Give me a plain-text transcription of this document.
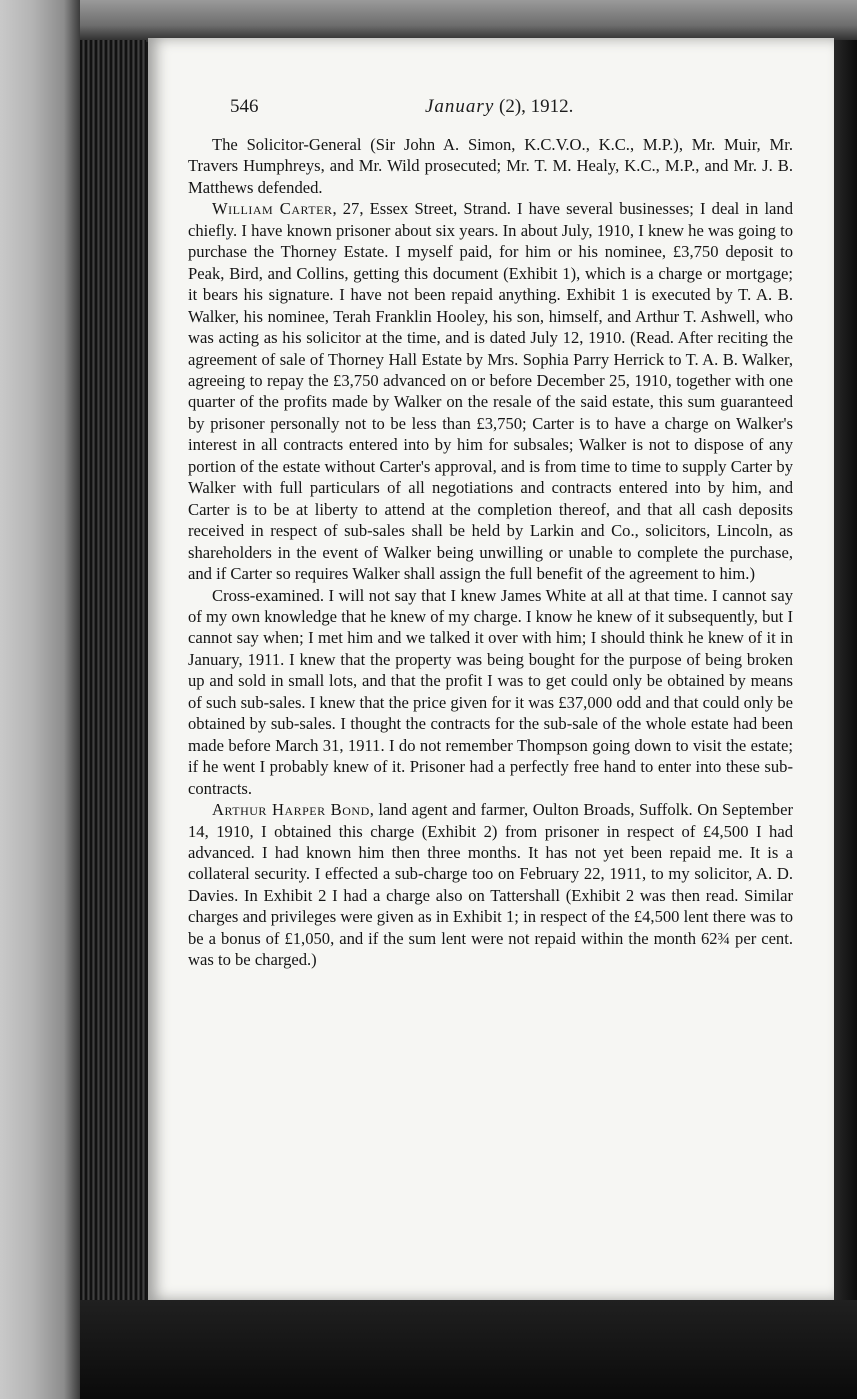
546	January (2), 1912.

The Solicitor-General (Sir John A. Simon, K.C.V.O., K.C., M.P.), Mr. Muir, Mr. Travers Humphreys, and Mr. Wild prosecuted; Mr. T. M. Healy, K.C., M.P., and Mr. J. B. Matthews defended.

William Carter, 27, Essex Street, Strand. I have several businesses; I deal in land chiefly. I have known prisoner about six years. In about July, 1910, I knew he was going to purchase the Thorney Estate. I myself paid, for him or his nominee, £3,750 deposit to Peak, Bird, and Collins, getting this document (Exhibit 1), which is a charge or mortgage; it bears his signature. I have not been repaid anything. Exhibit 1 is executed by T. A. B. Walker, his nominee, Terah Franklin Hooley, his son, himself, and Arthur T. Ashwell, who was acting as his solicitor at the time, and is dated July 12, 1910. (Read. After reciting the agreement of sale of Thorney Hall Estate by Mrs. Sophia Parry Herrick to T. A. B. Walker, agreeing to repay the £3,750 advanced on or before December 25, 1910, together with one quarter of the profits made by Walker on the resale of the said estate, this sum guaranteed by prisoner personally not to be less than £3,750; Carter is to have a charge on Walker's interest in all contracts entered into by him for subsales; Walker is not to dispose of any portion of the estate without Carter's approval, and is from time to time to supply Carter by Walker with full particulars of all negotiations and contracts entered into by him, and Carter is to be at liberty to attend at the completion thereof, and that all cash deposits received in respect of sub-sales shall be held by Larkin and Co., solicitors, Lincoln, as shareholders in the event of Walker being unwilling or unable to complete the purchase, and if Carter so requires Walker shall assign the full benefit of the agreement to him.)

Cross-examined. I will not say that I knew James White at all at that time. I cannot say of my own knowledge that he knew of my charge. I know he knew of it subsequently, but I cannot say when; I met him and we talked it over with him; I should think he knew of it in January, 1911. I knew that the property was being bought for the purpose of being broken up and sold in small lots, and that the profit I was to get could only be obtained by means of such sub-sales. I knew that the price given for it was £37,000 odd and that could only be obtained by sub-sales. I thought the contracts for the sub-sale of the whole estate had been made before March 31, 1911. I do not remember Thompson going down to visit the estate; if he went I probably knew of it. Prisoner had a perfectly free hand to enter into these sub-contracts.

Arthur Harper Bond, land agent and farmer, Oulton Broads, Suffolk. On September 14, 1910, I obtained this charge (Exhibit 2) from prisoner in respect of £4,500 I had advanced. I had known him then three months. It has not yet been repaid me. It is a collateral security. I effected a sub-charge too on February 22, 1911, to my solicitor, A. D. Davies. In Exhibit 2 I had a charge also on Tattershall (Exhibit 2 was then read. Similar charges and privileges were given as in Exhibit 1; in respect of the £4,500 lent there was to be a bonus of £1,050, and if the sum lent were not repaid within the month 62¾ per cent. was to be charged.)
